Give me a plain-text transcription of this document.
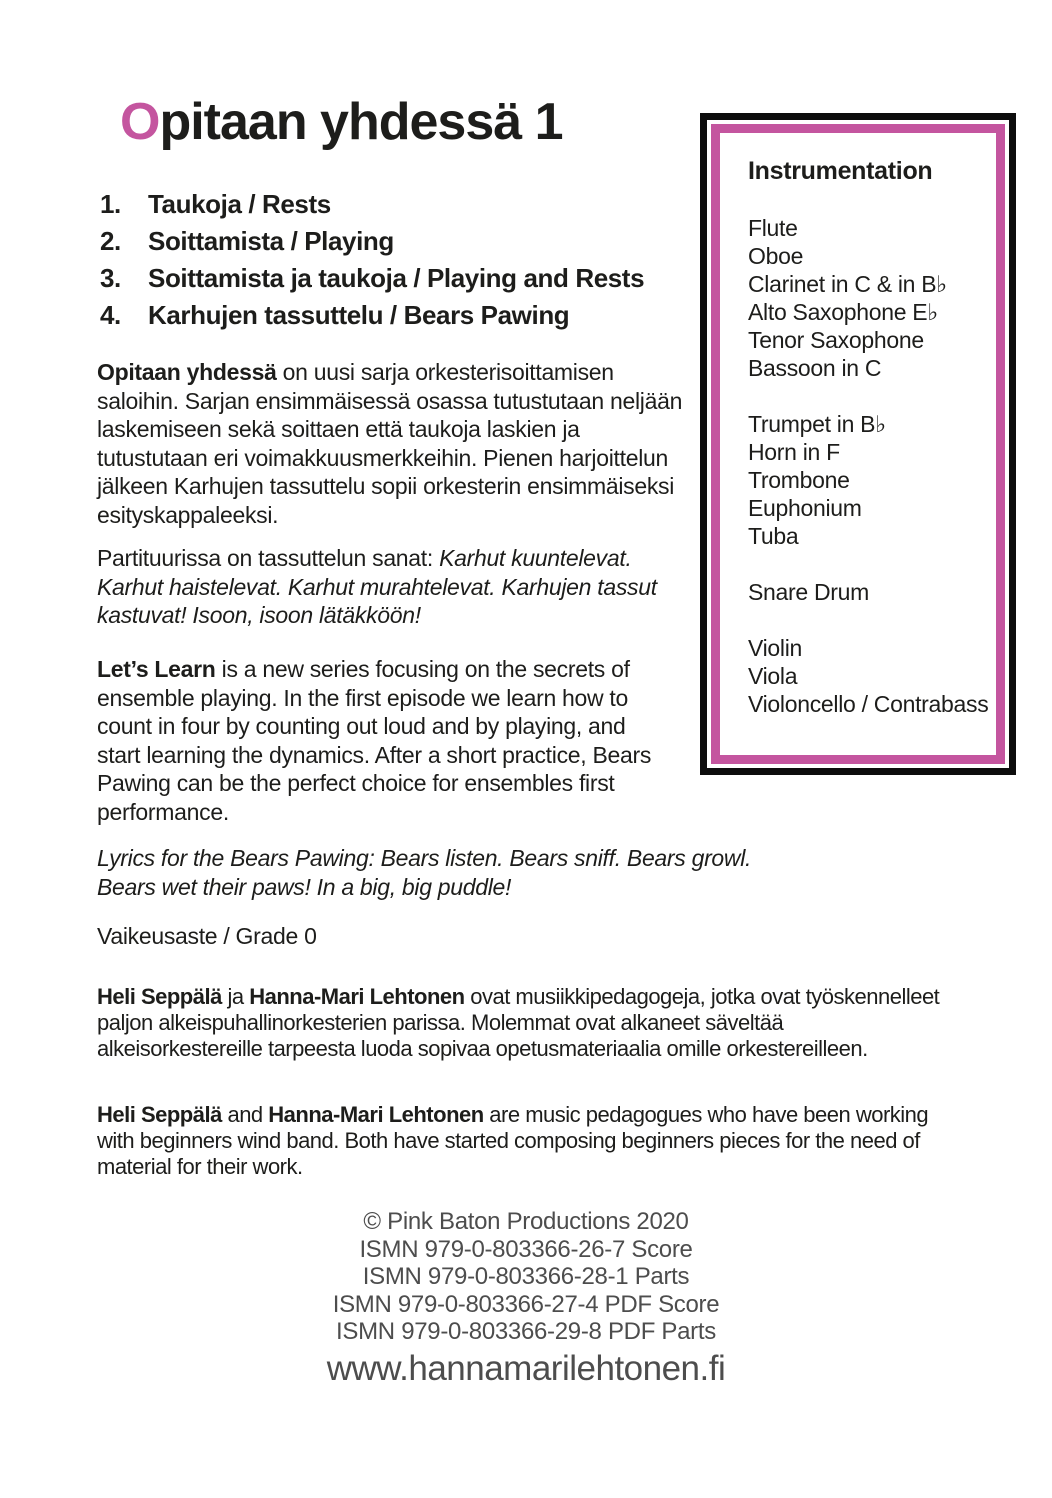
Opitaan yhdessä 1
1.	Taukoja / Rests
2.	Soittamista / Playing
3.	Soittamista ja taukoja / Playing and Rests
4.	Karhujen tassuttelu / Bears Pawing
Opitaan yhdessä on uusi sarja orkesterisoittamisen saloihin. Sarjan ensimmäisessä osassa tutustutaan neljään laskemiseen sekä soittaen että taukoja laskien ja tutustutaan eri voimakkuusmerkkeihin. Pienen harjoittelun jälkeen Karhujen tassuttelu sopii orkesterin ensimmäiseksi esityskappaleeksi.
Partituurissa on tassuttelun sanat: Karhut kuuntelevat. Karhut haistelevat. Karhut murahtelevat. Karhujen tassut kastuvat! Isoon, isoon lätäkköön!
Let’s Learn is a new series focusing on the secrets of ensemble playing. In the first episode we learn how to count in four by counting out loud and by playing, and start learning the dynamics. After a short practice, Bears Pawing can be the perfect choice for ensembles first performance.
Lyrics for the Bears Pawing: Bears listen. Bears sniff. Bears growl. Bears wet their paws! In a big, big puddle!
Vaikeusaste / Grade 0
Heli Seppälä ja Hanna-Mari Lehtonen ovat musiikkipedagogeja, jotka ovat työskennelleet paljon alkeispuhallinorkesterien parissa. Molemmat ovat alkaneet säveltää alkeisorkestereille tarpeesta luoda sopivaa opetusmateriaalia omille orkestereilleen.
Heli Seppälä and Hanna-Mari Lehtonen are music pedagogues who have been working with beginners wind band. Both have started composing beginners pieces for the need of material for their work.
Instrumentation
Flute
Oboe
Clarinet in C & in B♭
Alto Saxophone E♭
Tenor Saxophone
Bassoon in C
Trumpet in B♭
Horn in F
Trombone
Euphonium
Tuba
Snare Drum
Violin
Viola
Violoncello / Contrabass
© Pink Baton Productions 2020
ISMN 979-0-803366-26-7 Score
ISMN 979-0-803366-28-1 Parts
ISMN 979-0-803366-27-4 PDF Score
ISMN 979-0-803366-29-8 PDF Parts
www.hannamarilehtonen.fi
